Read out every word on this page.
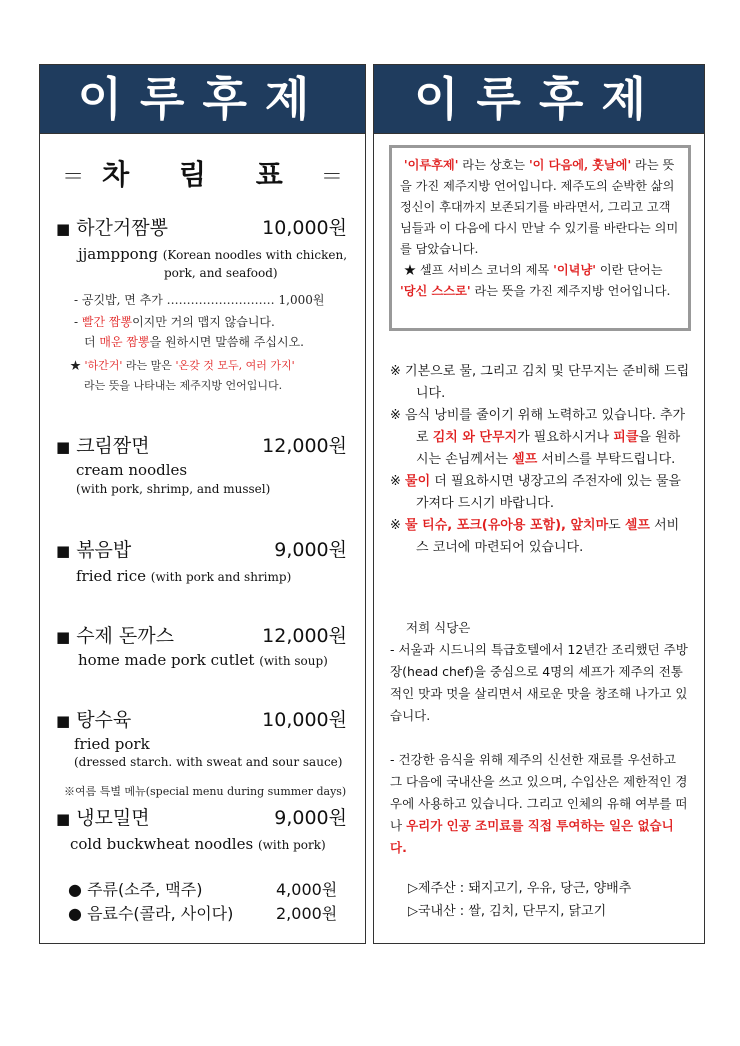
이루후제
＝ 차 림 표 ＝
■ 하간거짬뽕	10,000원
jjamppong (Korean noodles with chicken,
pork, and seafood)
- 공깃밥, 면 추가 ……………………… 1,000원
- 빨간 짬뽕이지만 거의 맵지 않습니다.
더 매운 짬뽕을 원하시면 말씀해 주십시오.
★ '하간거' 라는 말은 '온갖 것 모두, 여러 가지'
라는 뜻을 나타내는 제주지방 언어입니다.
■ 크림짬면	12,000원
cream noodles
(with pork, shrimp, and mussel)
■ 볶음밥	9,000원
fried rice (with pork and shrimp)
■ 수제 돈까스	12,000원
home made pork cutlet (with soup)
■ 탕수육	10,000원
fried pork
(dressed starch. with sweat and sour sauce)
※여름 특별 메뉴(special menu during summer days)
■ 냉모밀면	9,000원
cold buckwheat noodles (with pork)
● 주류(소주, 맥주)	4,000원
● 음료수(콜라, 사이다)	2,000원
이루후제
'이루후제' 라는 상호는 '이 다음에, 훗날에' 라는 뜻을 가진 제주지방 언어입니다. 제주도의 순박한 삶의 정신이 후대까지 보존되기를 바라면서, 그리고 고객님들과 이 다음에 다시 만날 수 있기를 바란다는 의미를 담았습니다.
★ 셀프 서비스 코너의 제목 '이녁냥' 이란 단어는 '당신 스스로' 라는 뜻을 가진 제주지방 언어입니다.

※ 기본으로 물, 그리고 김치 및 단무지는 준비해 드립니다.

※ 음식 낭비를 줄이기 위해 노력하고 있습니다. 추가로 김치 와 단무지가 필요하시거나 피클을 원하시는 손님께서는 셀프 서비스를 부탁드립니다.

※ 물이 더 필요하시면 냉장고의 주전자에 있는 물을 가져다 드시기 바랍니다.

※ 물 티슈, 포크(유아용 포함), 앞치마도 셀프 서비스 코너에 마련되어 있습니다.

저희 식당은

- 서울과 시드니의 특급호텔에서 12년간 조리했던 주방장(head chef)을 중심으로 4명의 셰프가 제주의 전통적인 맛과 멋을 살리면서 새로운 맛을 창조해 나가고 있습니다.

- 건강한 음식을 위해 제주의 신선한 재료를 우선하고 그 다음에 국내산을 쓰고 있으며, 수입산은 제한적인 경우에 사용하고 있습니다. 그리고 인체의 유해 여부를 떠나 우리가 인공 조미료를 직접 투여하는 일은 없습니다.

▷제주산 : 돼지고기, 우유, 당근, 양배추
▷국내산 : 쌀, 김치, 단무지, 닭고기
